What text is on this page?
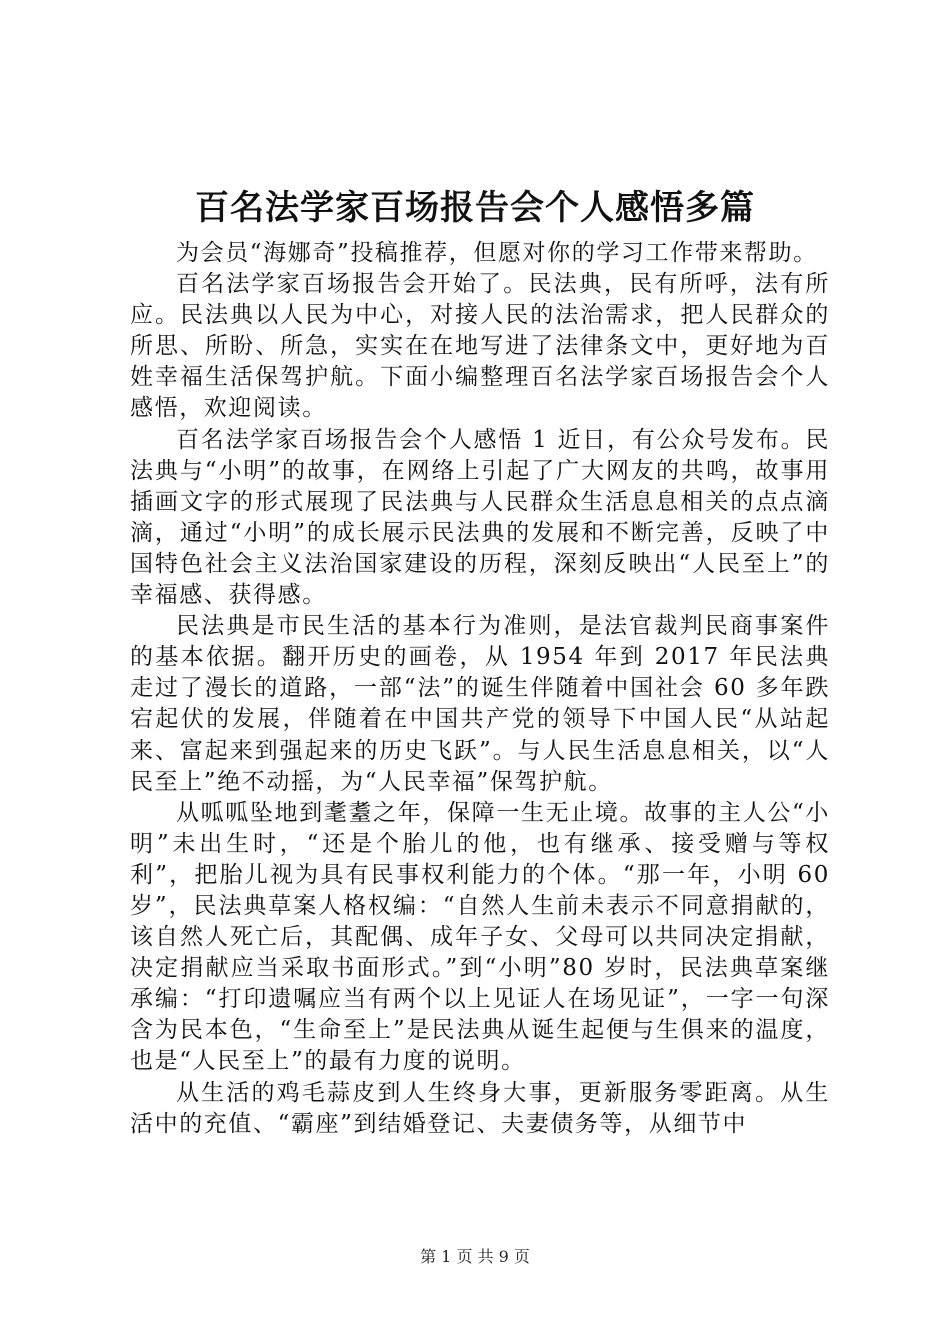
百名法学家百场报告会个人感悟多篇

为会员“海娜奇”投稿推荐，但愿对你的学习工作带来帮助。

百名法学家百场报告会开始了。民法典，民有所呼，法有所应。民法典以人民为中心，对接人民的法治需求，把人民群众的所思、所盼、所急，实实在在地写进了法律条文中，更好地为百姓幸福生活保驾护航。下面小编整理百名法学家百场报告会个人感悟，欢迎阅读。

百名法学家百场报告会个人感悟 1 近日，有公众号发布。民法典与“小明”的故事，在网络上引起了广大网友的共鸣，故事用插画文字的形式展现了民法典与人民群众生活息息相关的点点滴滴，通过“小明”的成长展示民法典的发展和不断完善，反映了中国特色社会主义法治国家建设的历程，深刻反映出“人民至上”的幸福感、获得感。

民法典是市民生活的基本行为准则，是法官裁判民商事案件的基本依据。翻开历史的画卷，从 1954 年到 2017 年民法典走过了漫长的道路，一部“法”的诞生伴随着中国社会 60 多年跌宕起伏的发展，伴随着在中国共产党的领导下中国人民“从站起来、富起来到强起来的历史飞跃”。与人民生活息息相关，以“人民至上”绝不动摇，为“人民幸福”保驾护航。

从呱呱坠地到耄耋之年，保障一生无止境。故事的主人公“小明”未出生时，“还是个胎儿的他，也有继承、接受赠与等权利”，把胎儿视为具有民事权利能力的个体。“那一年，小明 60 岁”，民法典草案人格权编：“自然人生前未表示不同意捐献的，该自然人死亡后，其配偶、成年子女、父母可以共同决定捐献，决定捐献应当采取书面形式。”到“小明”80 岁时，民法典草案继承编：“打印遗嘱应当有两个以上见证人在场见证”，一字一句深含为民本色，“生命至上”是民法典从诞生起便与生俱来的温度，也是“人民至上”的最有力度的说明。

从生活的鸡毛蒜皮到人生终身大事，更新服务零距离。从生活中的充值、“霸座”到结婚登记、夫妻债务等，从细节中

第 1 页 共 9 页
